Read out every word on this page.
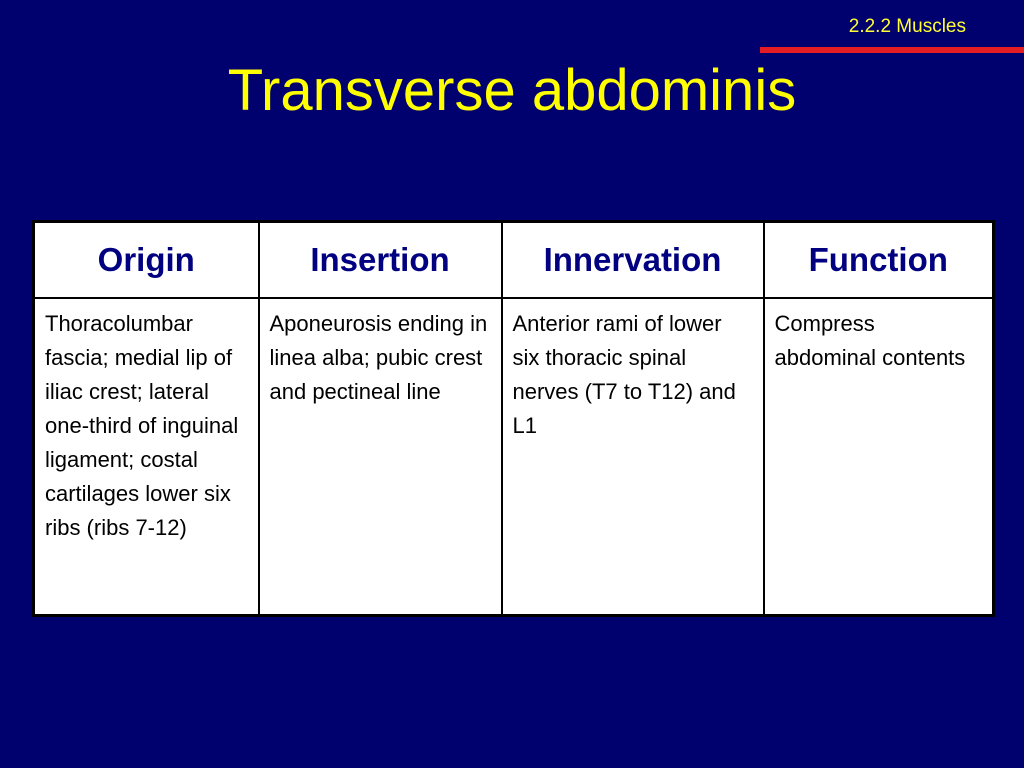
2.2.2 Muscles
Transverse abdominis
Origin	Insertion	Innervation	Function
Thoracolumbar fascia; medial lip of iliac crest; lateral one-third of inguinal ligament; costal cartilages lower six ribs (ribs 7-12)	Aponeurosis ending in linea alba; pubic crest and pectineal line	Anterior rami of lower six thoracic spinal nerves (T7 to T12) and L1	Compress abdominal contents
